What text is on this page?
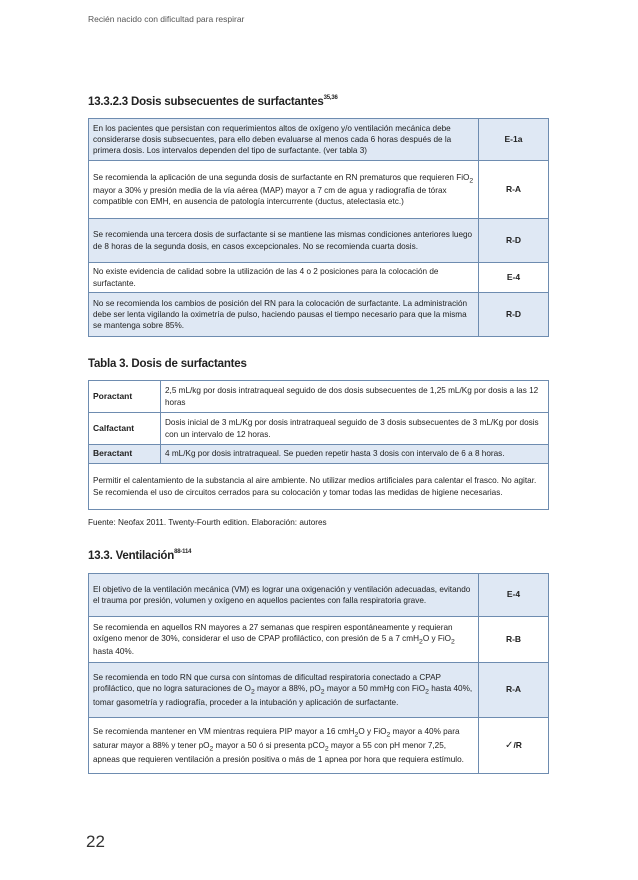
Recién nacido con dificultad para respirar
13.3.2.3 Dosis subsecuentes de surfactantes$^{35,36}$
En los pacientes que persistan con requerimientos altos de oxígeno y/o ventilación mecánica debe considerarse dosis subsecuentes, para ello deben evaluarse al menos cada 6 horas después de la primera dosis. Los intervalos dependen del tipo de surfactante. (ver tabla 3)	E-1a
Se recomienda la aplicación de una segunda dosis de surfactante en RN prematuros que requieren FiO$_2$ mayor a 30% y presión media de la vía aérea (MAP) mayor a 7 cm de agua y radiografía de tórax compatible con EMH, en ausencia de patología intercurrente (ductus, atelectasia etc.)	R-A
Se recomienda una tercera dosis de surfactante si se mantiene las mismas condiciones anteriores luego de 8 horas de la segunda dosis, en casos excepcionales. No se recomienda cuarta dosis.	R-D
No existe evidencia de calidad sobre la utilización de las 4 o 2 posiciones para la colocación de surfactante.	E-4
No se recomienda los cambios de posición del RN para la colocación de surfactante. La administración debe ser lenta vigilando la oximetría de pulso, haciendo pausas el tiempo necesario para que la misma se mantenga sobre 85%.	R-D
Tabla 3. Dosis de surfactantes
Poractant	2,5 mL/kg por dosis intratraqueal seguido de dos dosis subsecuentes de 1,25 mL/Kg por dosis a las 12 horas
Calfactant	Dosis inicial de 3 mL/Kg por dosis intratraqueal seguido de 3 dosis subsecuentes de 3 mL/Kg por dosis con un intervalo de 12 horas.
Beractant	4 mL/Kg por dosis intratraqueal. Se pueden repetir hasta 3 dosis con intervalo de 6 a 8 horas.
Permitir el calentamiento de la substancia al aire ambiente. No utilizar medios artificiales para calentar el frasco. No agitar. Se recomienda el uso de circuitos cerrados para su colocación y tomar todas las medidas de higiene necesarias.	
Fuente: Neofax 2011. Twenty-Fourth edition. Elaboración: autores
13.3. Ventilación$^{88-114}$
El objetivo de la ventilación mecánica (VM) es lograr una oxigenación y ventilación adecuadas, evitando el trauma por presión, volumen y oxígeno en aquellos pacientes con falla respiratoria grave.	E-4
Se recomienda en aquellos RN mayores a 27 semanas que respiren espontáneamente y requieran oxígeno menor de 30%, considerar el uso de CPAP profiláctico, con presión de 5 a 7 cmH$_2$O y FiO$_2$ hasta 40%.	R-B
Se recomienda en todo RN que cursa con síntomas de dificultad respiratoria conectado a CPAP profiláctico, que no logra saturaciones de $O_2$ mayor a 88%, $pO_2$ mayor a 50 mmHg con FiO$_2$ hasta 40%, tomar gasometría y radiografía, proceder a la intubación y aplicación de surfactante.	R-A
Se recomienda mantener en VM mientras requiera PIP mayor a 16 cmH$_2$O y FiO$_2$ mayor a 40% para saturar mayor a 88% y tener $pO_2$ mayor a 50 ó si presenta pCO$_2$ mayor a 55 con pH menor 7,25, apneas que requieren ventilación a presión positiva o más de 1 apnea por hora que requiera estímulo.	✓/R
22
